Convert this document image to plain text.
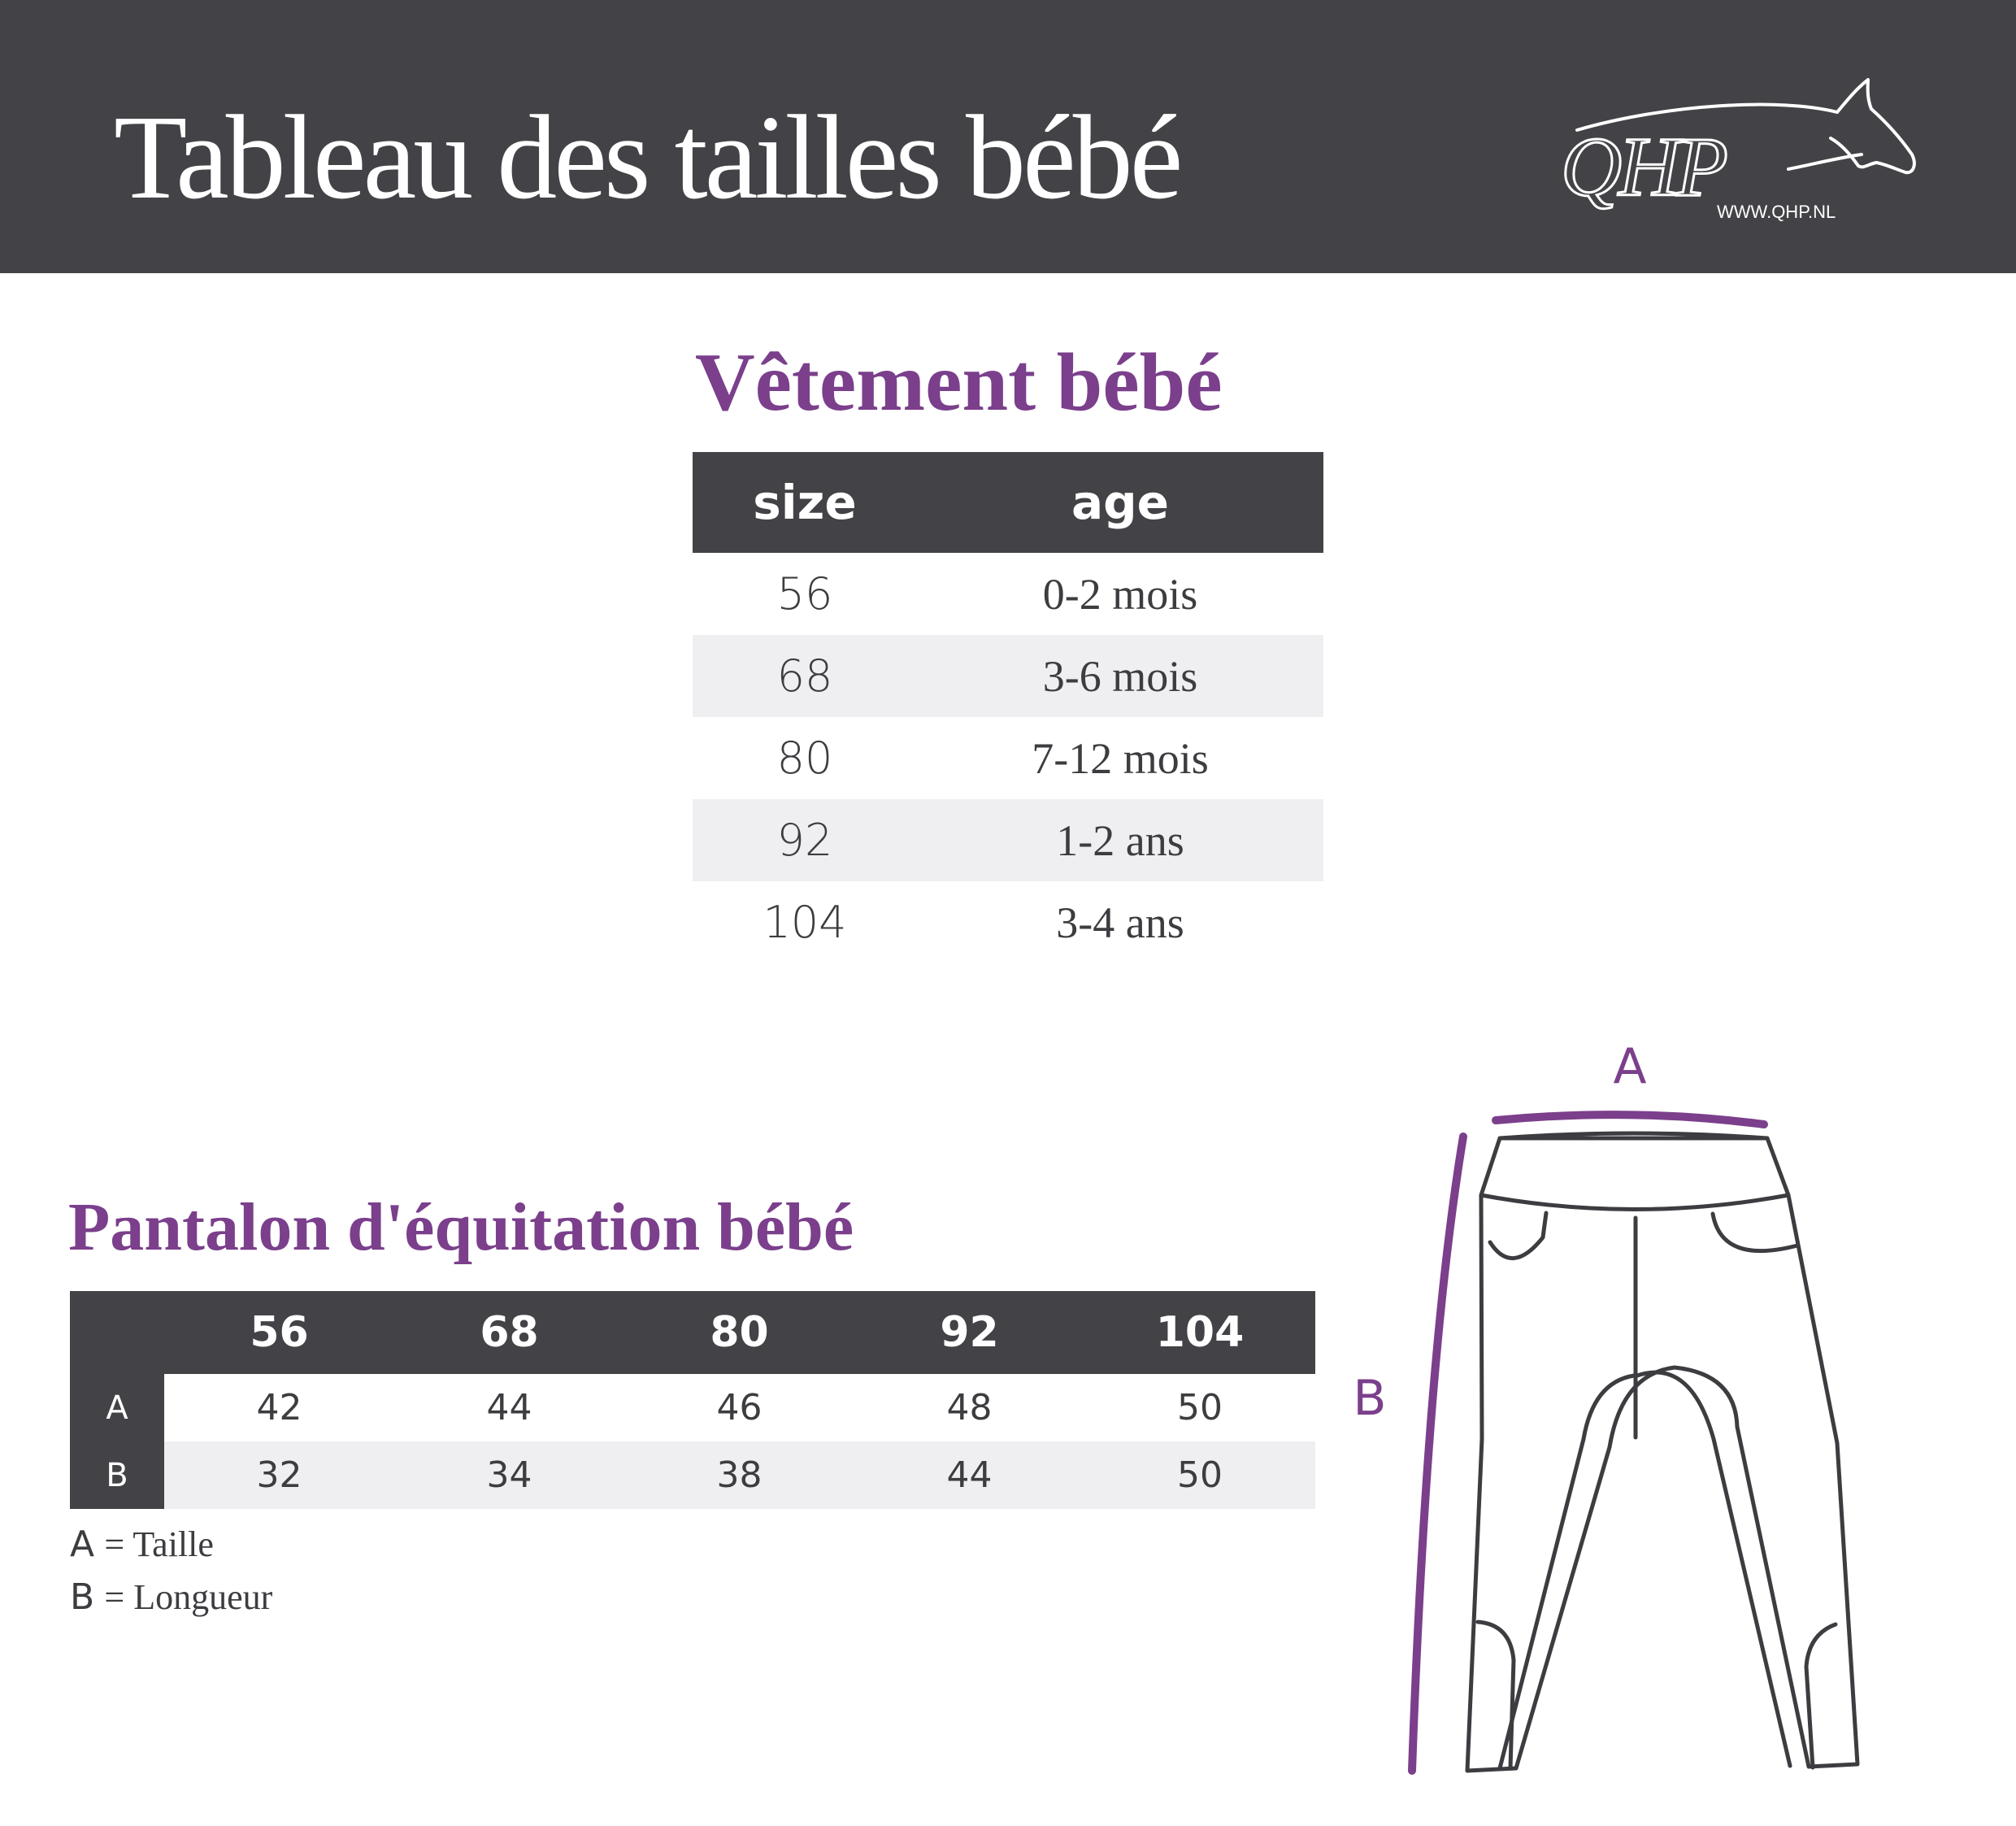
Tableau des tailles bébé	QHP
WWW.QHP.NL
Vêtement bébé
size	age
56	0-2 mois
68	3-6 mois
80	7-12 mois
92	1-2 ans
104	3-4 ans
Pantalon d'équitation bébé
	56	68	80	92	104
A	42	44	46	48	50
B	32	34	38	44	50
A = Taille
B = Longueur
A
B
